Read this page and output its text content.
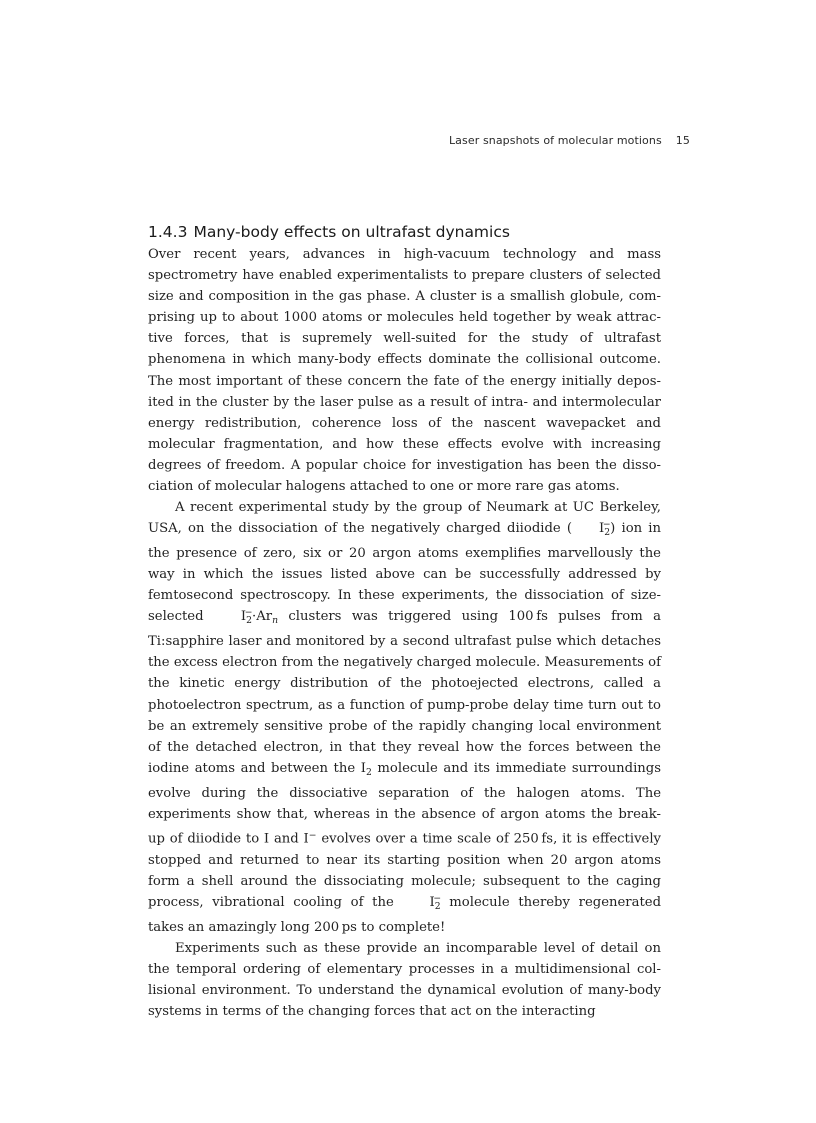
Laser snapshots of molecular motions 15
1.4.3 Many-body effects on ultrafast dynamics

Over recent years, advances in high-vacuum technology and mass spectrometry have enabled experimentalists to prepare clusters of selected size and composition in the gas phase. A cluster is a smallish globule, comprising up to about 1000 atoms or molecules held together by weak attractive forces, that is supremely well-suited for the study of ultrafast phenomena in which many-body effects dominate the collisional outcome. The most important of these concern the fate of the energy initially deposited in the cluster by the laser pulse as a result of intra- and intermolecular energy redistribution, coherence loss of the nascent wavepacket and molecular fragmentation, and how these effects evolve with increasing degrees of freedom. A popular choice for investigation has been the dissociation of molecular halogens attached to one or more rare gas atoms.

A recent experimental study by the group of Neumark at UC Berkeley, USA, on the dissociation of the negatively charged diiodide ( I
−
$_2$) ion in the presence of zero, six or 20 argon atoms exemplifies marvellously the way in which the issues listed above can be successfully addressed by femtosecond spectroscopy. In these experiments, the dissociation of size-selected I
−
$_2\cdot Ar_n$ clusters was triggered using 100 fs pulses from a Ti:sapphire laser and monitored by a second ultrafast pulse which detaches the excess electron from the negatively charged molecule. Measurements of the kinetic energy distribution of the photoejected electrons, called a photoelectron spectrum, as a function of pump-probe delay time turn out to be an extremely sensitive probe of the rapidly changing local environment of the detached electron, in that they reveal how the forces between the iodine atoms and between the $I_2$ molecule and its immediate surroundings evolve during the dissociative separation of the halogen atoms. The experiments show that, whereas in the absence of argon atoms the break-up of diiodide to I and I− evolves over a time scale of 250 fs, it is effectively stopped and returned to near its starting position when 20 argon atoms form a shell around the dissociating molecule; subsequent to the caging process, vibrational cooling of the I
−
$_2$ molecule thereby regenerated takes an amazingly long 200 ps to complete!

Experiments such as these provide an incomparable level of detail on the temporal ordering of elementary processes in a multidimensional collisional environment. To understand the dynamical evolution of many-body systems in terms of the changing forces that act on the interacting
